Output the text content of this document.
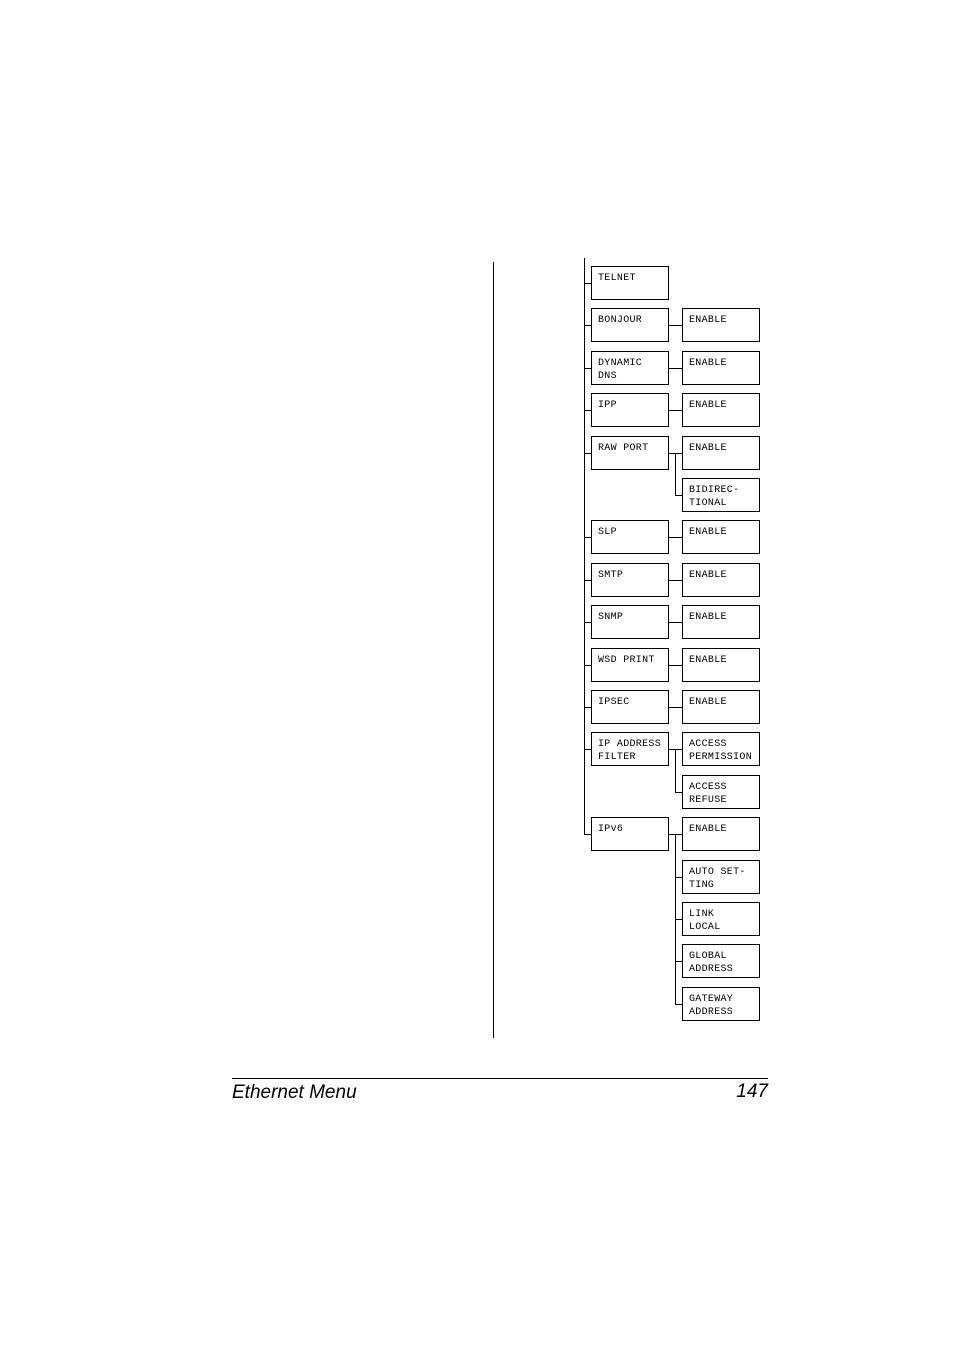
TELNET
BONJOUR	ENABLE
DYNAMIC
DNS
ENABLE
IPP	ENABLE
RAW PORT	ENABLE
BIDIREC-
TIONAL
SLP	ENABLE
SMTP	ENABLE
SNMP	ENABLE
WSD PRINT	ENABLE
IPSEC	ENABLE
IP ADDRESS
FILTER
ACCESS
PERMISSION
ACCESS
REFUSE
IPv6	ENABLE
AUTO SET-
TING
LINK
LOCAL
GLOBAL
ADDRESS
GATEWAY
ADDRESS
Ethernet Menu	147
